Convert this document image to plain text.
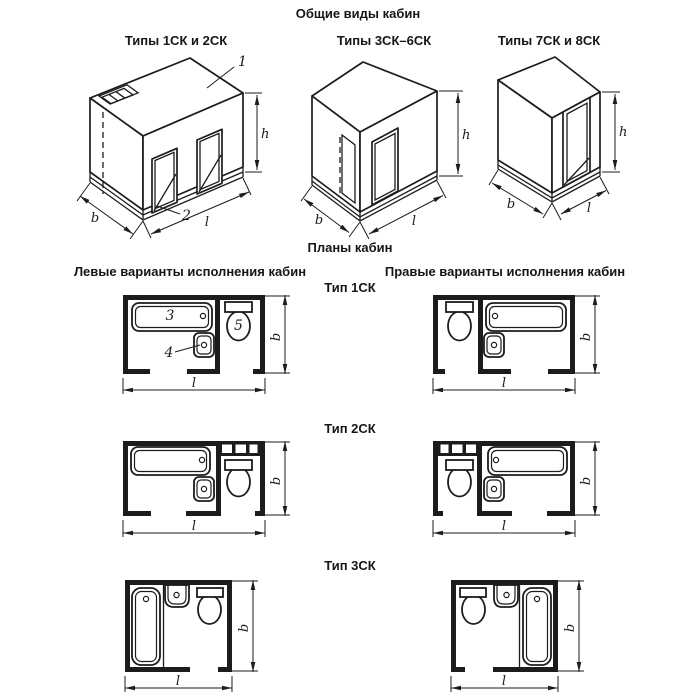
Общие виды кабин
Типы 1СК и 2СК	Типы 3СК–6СК	Типы 7СК и 8СК
h
b	l
1
2
h
b	l
h
b	l
Планы кабин
Левые варианты исполнения кабин	Правые варианты исполнения кабин
Тип 1СК
Тип 2СК
Тип 3СК
3
4
5
b
l
b
l
b
l
b
l
b
l
b
l
